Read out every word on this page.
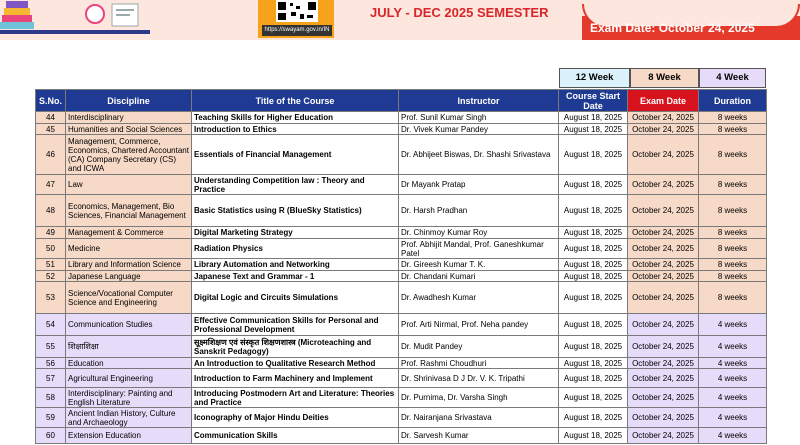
https://swayam.gov.in/IN
JULY - DEC 2025 SEMESTER
Exam Date: October 24, 2025
12 Week	8 Week	4 Week
S.No.	Discipline	Title of the Course	Instructor	Course Start Date	Exam Date	Duration
44	Interdisciplinary	Teaching Skills for Higher Education	Prof. Sunil Kumar Singh	August 18, 2025	October 24, 2025	8 weeks
45	Humanities and Social Sciences	Introduction to Ethics	Dr. Vivek Kumar Pandey	August 18, 2025	October 24, 2025	8 weeks
46	Management, Commerce, Economics, Chartered Accountant (CA) Company Secretary (CS) and ICWA	Essentials of Financial Management	Dr. Abhijeet Biswas, Dr. Shashi Srivastava	August 18, 2025	October 24, 2025	8 weeks
47	Law	Understanding Competition law : Theory and Practice	Dr Mayank Pratap	August 18, 2025	October 24, 2025	8 weeks
48	Economics, Management, Bio Sciences, Financial Management	Basic Statistics using R (BlueSky Statistics)	Dr. Harsh Pradhan	August 18, 2025	October 24, 2025	8 weeks
49	Management & Commerce	Digital Marketing Strategy	Dr. Chinmoy Kumar Roy	August 18, 2025	October 24, 2025	8 weeks
50	Medicine	Radiation Physics	Prof. Abhijit Mandal, Prof. Ganeshkumar Patel	August 18, 2025	October 24, 2025	8 weeks
51	Library and Information Science	Library Automation and Networking	Dr. Gireesh Kumar T. K.	August 18, 2025	October 24, 2025	8 weeks
52	Japanese Language	Japanese Text and Grammar - 1	Dr. Chandani Kumari	August 18, 2025	October 24, 2025	8 weeks
53	Science/Vocational Computer Science and Engineering	Digital Logic and Circuits Simulations	Dr. Awadhesh Kumar	August 18, 2025	October 24, 2025	8 weeks
54	Communication Studies	Effective Communication Skills for Personal and Professional Development	Prof. Arti Nirmal, Prof. Neha pandey	August 18, 2025	October 24, 2025	4 weeks
55	शिक्षाशिक्षा	सूक्ष्मशिक्षण एवं संस्कृत शिक्षणशास्त्र (Microteaching and Sanskrit Pedagogy)	Dr. Mudit Pandey	August 18, 2025	October 24, 2025	4 weeks
56	Education	An Introduction to Qualitative Research Method	Prof. Rashmi Choudhuri	August 18, 2025	October 24, 2025	4 weeks
57	Agricultural Engineering	Introduction to Farm Machinery and Implement	Dr. Shrinivasa D J Dr. V. K. Tripathi	August 18, 2025	October 24, 2025	4 weeks
58	Interdisciplinary: Painting and English Literature	Introducing Postmodern Art and Literature: Theories and Practice	Dr. Purnima, Dr. Varsha Singh	August 18, 2025	October 24, 2025	4 weeks
59	Ancient Indian History, Culture and Archaeology	Iconography of Major Hindu Deities	Dr. Nairanjana Srivastava	August 18, 2025	October 24, 2025	4 weeks
60	Extension Education	Communication Skills	Dr. Sarvesh Kumar	August 18, 2025	October 24, 2025	4 weeks
